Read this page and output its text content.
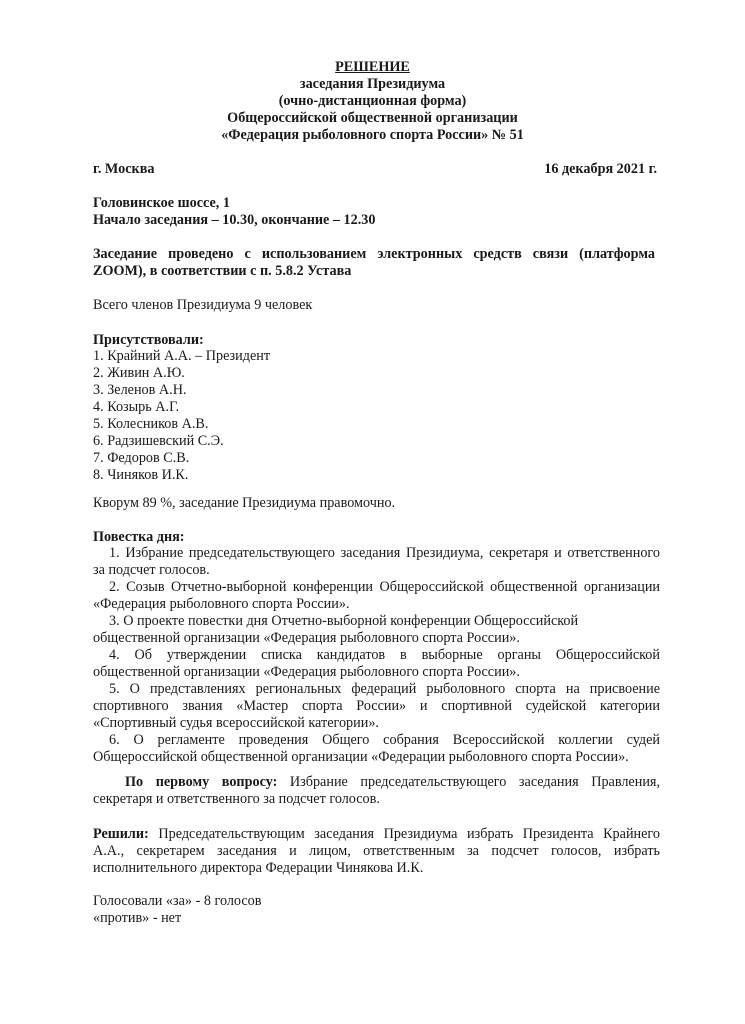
РЕШЕНИЕ
заседания Президиума
(очно-дистанционная форма)
Общероссийской общественной организации
«Федерация рыболовного спорта России» № 51
г. Москва	16 декабря 2021 г.
Головинское шоссе, 1
Начало заседания – 10.30, окончание – 12.30
Заседание проведено с использованием электронных средств связи (платформа
ZOOM), в соответствии с п. 5.8.2 Устава
Всего членов Президиума 9 человек
Присутствовали:
1. Крайний А.А. – Президент
2. Живин А.Ю.
3. Зеленов А.Н.
4. Козырь А.Г.
5. Колесников А.В.
6. Радзишевский С.Э.
7. Федоров С.В.
8. Чиняков И.К.
Кворум 89 %, заседание Президиума правомочно.
Повестка дня:
1. Избрание председательствующего заседания Президиума, секретаря и ответственного
за подсчет голосов.
2. Созыв Отчетно-выборной конференции Общероссийской общественной организации
«Федерация рыболовного спорта России».
3. О проекте повестки дня Отчетно-выборной конференции Общероссийской
общественной организации «Федерация рыболовного спорта России».
4. Об утверждении списка кандидатов в выборные органы Общероссийской
общественной организации «Федерация рыболовного спорта России».
5. О представлениях региональных федераций рыболовного спорта на присвоение
спортивного звания «Мастер спорта России» и спортивной судейской категории
«Спортивный судья всероссийской категории».
6. О регламенте проведения Общего собрания Всероссийской коллегии судей
Общероссийской общественной организации «Федерации рыболовного спорта России».
По первому вопросу: Избрание председательствующего заседания Правления,
секретаря и ответственного за подсчет голосов.
Решили: Председательствующим заседания Президиума избрать Президента Крайнего
А.А., секретарем заседания и лицом, ответственным за подсчет голосов, избрать
исполнительного директора Федерации Чинякова И.К.
Голосовали «за» - 8 голосов
«против» - нет
